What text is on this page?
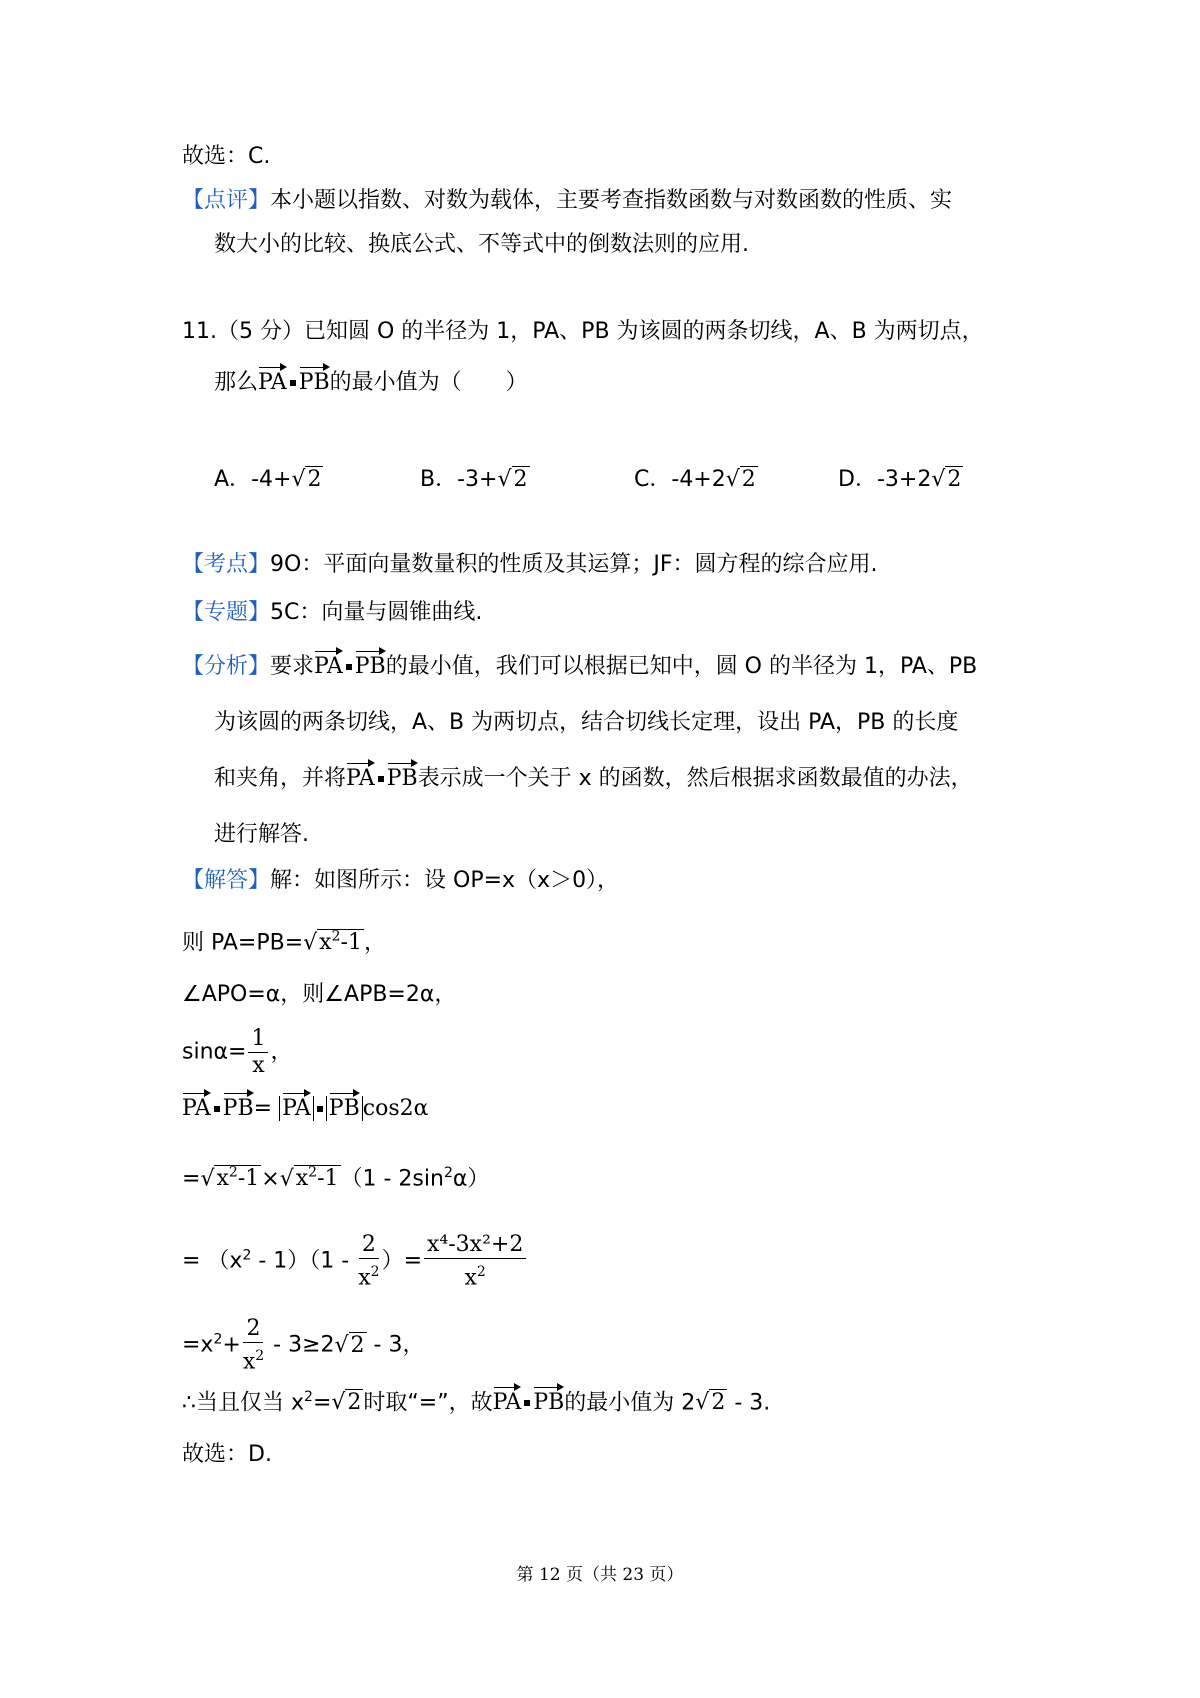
故选：C.
【点评】本小题以指数、对数为载体，主要考查指数函数与对数函数的性质、实
数大小的比较、换底公式、不等式中的倒数法则的应用.
11.（5 分）已知圆 O 的半径为 1，PA、PB 为该圆的两条切线，A、B 为两切点，
那么PA PB的最小值为（　　）
A．-4+√2	B．-3+√2	C．-4+2√2	D．-3+2√2
【考点】9O：平面向量数量积的性质及其运算；JF：圆方程的综合应用.
【专题】5C：向量与圆锥曲线.
【分析】要求PA PB的最小值，我们可以根据已知中，圆 O 的半径为 1，PA、PB
为该圆的两条切线，A、B 为两切点，结合切线长定理，设出 PA，PB 的长度
和夹角，并将PA PB表示成一个关于 x 的函数，然后根据求函数最值的办法，
进行解答.
【解答】解：如图所示：设 OP=x（x＞0），
则 $PA=PB=√x^2-1$，
∠APO=α，则∠APB=2α，
$\sin\alpha= \frac{1}{x}$ ，
PA PB= PA PB cos2α
$=√x^2-1\times√x^2-1(1 - 2\sin^2\alpha)$
= $(x^2 - 1)(1 - \frac{2}{x^2}$ ）= $\frac{\text{x⁴-3x²+2}}{x^2}$
$=x^2+ \frac{2}{x^2} - 3\ge 2√2 - 3$，
∴当且仅当 $x^2=√2$时取“=”，故PA PB的最小值为 2√2 - 3.
故选：D.
第 12 页（共 23 页）
